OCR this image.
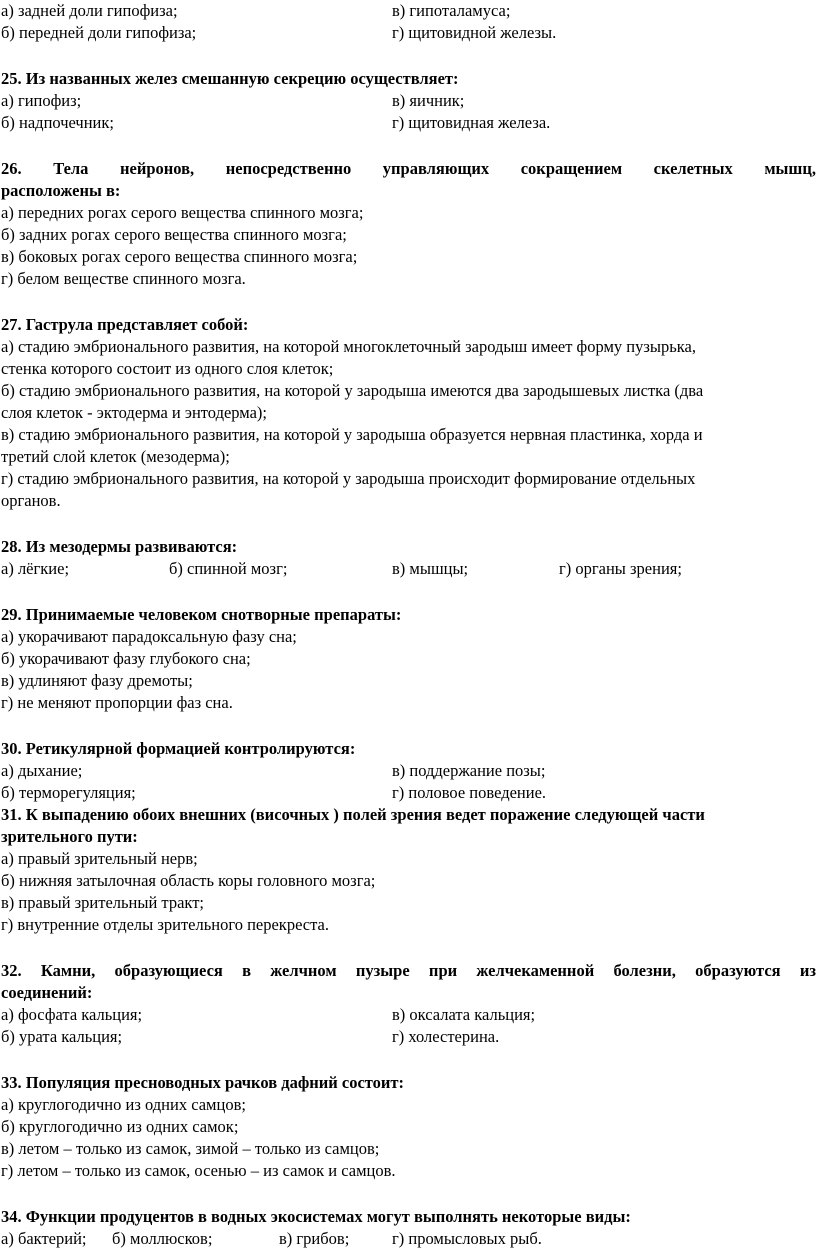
а) задней доли гипофиза;	в) гипоталамуса;
б) передней доли гипофиза;	г) щитовидной железы.
25. Из названных желез смешанную секрецию осуществляет:
а) гипофиз;	в) яичник;
б) надпочечник;	г) щитовидная железа.
26. Тела нейронов, непосредственно управляющих сокращением скелетных мышц,
расположены в:
а) передних рогах серого вещества спинного мозга;
б) задних рогах серого вещества спинного мозга;
в) боковых рогах серого вещества спинного мозга;
г) белом веществе спинного мозга.
27. Гаструла представляет собой:
а) стадию эмбрионального развития, на которой многоклеточный зародыш имеет форму пузырька,
стенка которого состоит из одного слоя клеток;
б) стадию эмбрионального развития, на которой у зародыша имеются два зародышевых листка (два
слоя клеток - эктодерма и энтодерма);
в) стадию эмбрионального развития, на которой у зародыша образуется нервная пластинка, хорда и
третий слой клеток (мезодерма);
г) стадию эмбрионального развития, на которой у зародыша происходит формирование отдельных
органов.
28. Из мезодермы развиваются:
а) лёгкие;	б) спинной мозг;	в) мышцы;	г) органы зрения;
29. Принимаемые человеком снотворные препараты:
а) укорачивают парадоксальную фазу сна;
б) укорачивают фазу глубокого сна;
в) удлиняют фазу дремоты;
г) не меняют пропорции фаз сна.
30. Ретикулярной формацией контролируются:
а) дыхание;	в) поддержание позы;
б) терморегуляция;	г) половое поведение.
31. К выпадению обоих внешних (височных ) полей зрения ведет поражение следующей части
зрительного пути:
а) правый зрительный нерв;
б) нижняя затылочная область коры головного мозга;
в) правый зрительный тракт;
г) внутренние отделы зрительного перекреста.
32. Камни, образующиеся в желчном пузыре при желчекаменной болезни, образуются из
соединений:
а) фосфата кальция;	в) оксалата кальция;
б) урата кальция;	г) холестерина.
33. Популяция пресноводных рачков дафний состоит:
а) круглогодично из одних самцов;
б) круглогодично из одних самок;
в) летом – только из самок, зимой – только из самцов;
г) летом – только из самок, осенью – из самок и самцов.
34. Функции продуцентов в водных экосистемах могут выполнять некоторые виды:
а) бактерий;	б) моллюсков;	в) грибов;	г) промысловых рыб.
